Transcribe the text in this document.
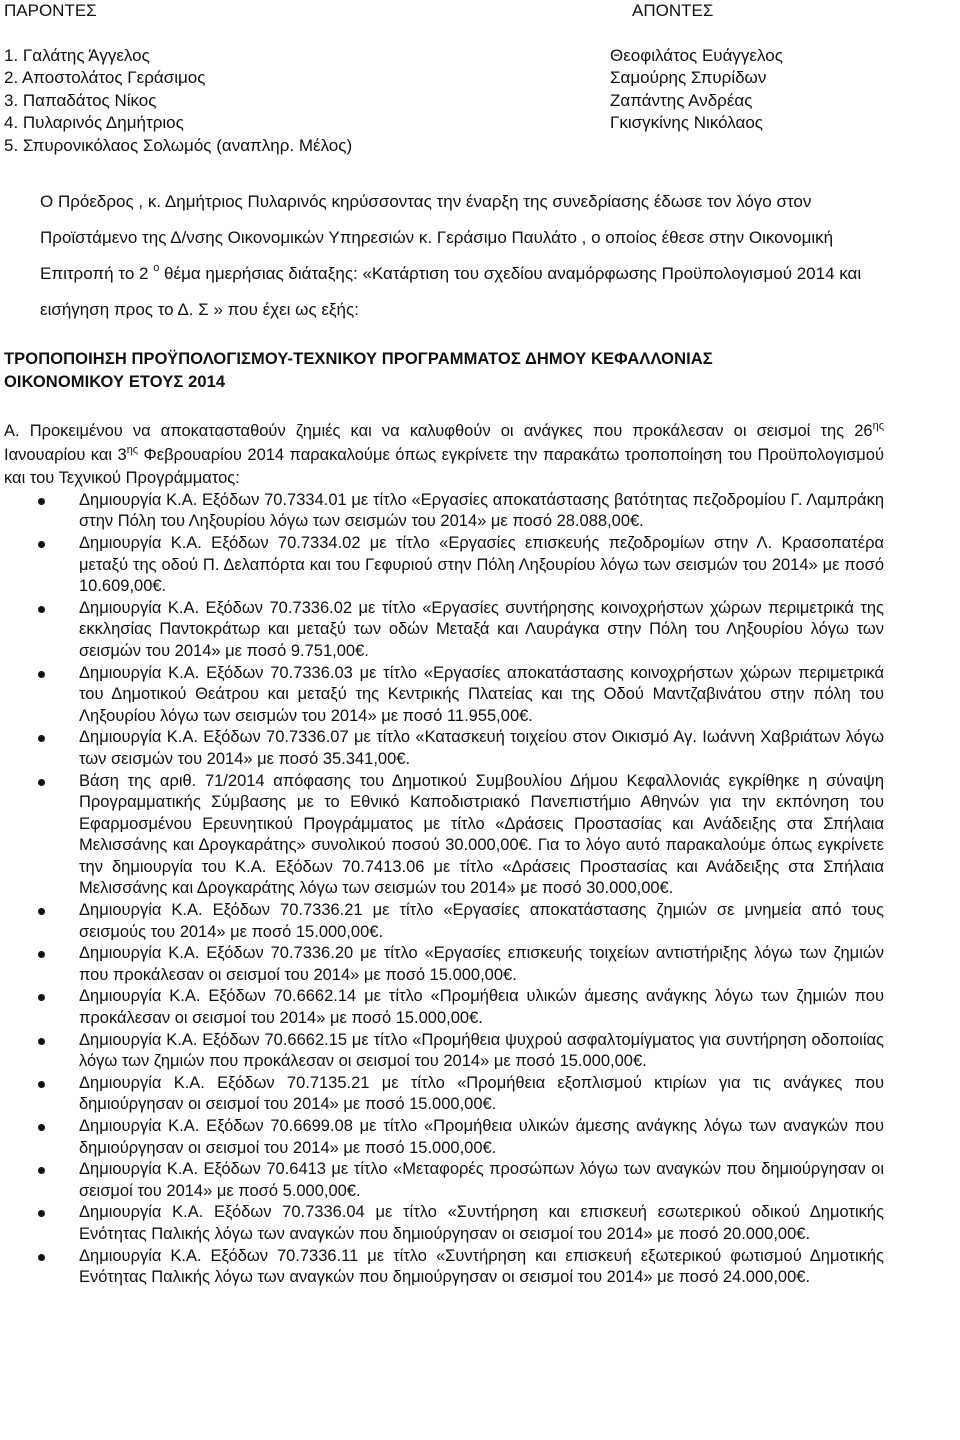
ΠΑΡΟΝΤΕΣ	ΑΠΟΝΤΕΣ
1. Γαλάτης Άγγελος	Θεοφιλάτος Ευάγγελος
2. Αποστολάτος Γεράσιμος	Σαμούρης Σπυρίδων
3. Παπαδάτος Νίκος	Ζαπάντης Ανδρέας
4. Πυλαρινός Δημήτριος	Γκισγκίνης Νικόλαος
5. Σπυρονικόλαος Σολωμός (αναπληρ. Μέλος)
Ο Πρόεδρος , κ. Δημήτριος Πυλαρινός κηρύσσοντας την έναρξη της συνεδρίασης έδωσε τον λόγο στον
Προϊστάμενο της Δ/νσης Οικονομικών Υπηρεσιών κ. Γεράσιμο Παυλάτο , ο οποίος έθεσε στην Οικονομική
Επιτροπή το 2 $^o$ θέμα ημερήσιας διάταξης: «Κατάρτιση του σχεδίου αναμόρφωσης Προϋπολογισμού 2014 και
εισήγηση προς το Δ. Σ » που έχει ως εξής:
ΤΡΟΠΟΠΟΙΗΣΗ ΠΡΟΫΠΟΛΟΓΙΣΜΟΥ-ΤΕΧΝΙΚΟΥ ΠΡΟΓΡΑΜΜΑΤΟΣ ΔΗΜΟΥ ΚΕΦΑΛΛΟΝΙΑΣ
ΟΙΚΟΝΟΜΙΚΟΥ ΕΤΟΥΣ 2014
Α. Προκειμένου να αποκατασταθούν ζημιές και να καλυφθούν οι ανάγκες που προκάλεσαν οι σεισμοί της $26^{\eta\varsigma}$ Ιανουαρίου και $3^{\eta\varsigma}$ Φεβρουαρίου 2014 παρακαλούμε όπως εγκρίνετε την παρακάτω τροποποίηση του Προϋπολογισμού και του Τεχνικού Προγράμματος:
Δημιουργία Κ.Α. Εξόδων 70.7334.01 με τίτλο «Εργασίες αποκατάστασης βατότητας πεζοδρομίου Γ. Λαμπράκη στην Πόλη του Ληξουρίου λόγω των σεισμών του 2014» με ποσό 28.088,00€.
Δημιουργία Κ.Α. Εξόδων 70.7334.02 με τίτλο «Εργασίες επισκευής πεζοδρομίων στην Λ. Κρασοπατέρα μεταξύ της οδού Π. Δελαπόρτα και του Γεφυριού στην Πόλη Ληξουρίου λόγω των σεισμών του 2014» με ποσό 10.609,00€.
Δημιουργία Κ.Α. Εξόδων 70.7336.02 με τίτλο «Εργασίες συντήρησης κοινοχρήστων χώρων περιμετρικά της εκκλησίας Παντοκράτωρ και μεταξύ των οδών Μεταξά και Λαυράγκα στην Πόλη του Ληξουρίου λόγω των σεισμών του 2014» με ποσό 9.751,00€.
Δημιουργία Κ.Α. Εξόδων 70.7336.03 με τίτλο «Εργασίες αποκατάστασης κοινοχρήστων χώρων περιμετρικά του Δημοτικού Θεάτρου και μεταξύ της Κεντρικής Πλατείας και της Οδού Μαντζαβινάτου στην πόλη του Ληξουρίου λόγω των σεισμών του 2014» με ποσό 11.955,00€.
Δημιουργία Κ.Α. Εξόδων 70.7336.07 με τίτλο «Κατασκευή τοιχείου στον Οικισμό Αγ. Ιωάννη Χαβριάτων λόγω των σεισμών του 2014» με ποσό 35.341,00€.
Βάση της αριθ. 71/2014 απόφασης του Δημοτικού Συμβουλίου Δήμου Κεφαλλονιάς εγκρίθηκε η σύναψη Προγραμματικής Σύμβασης με το Εθνικό Καποδιστριακό Πανεπιστήμιο Αθηνών για την εκπόνηση του Εφαρμοσμένου Ερευνητικού Προγράμματος με τίτλο «Δράσεις Προστασίας και Ανάδειξης στα Σπήλαια Μελισσάνης και Δρογκαράτης» συνολικού ποσού 30.000,00€. Για το λόγο αυτό παρακαλούμε όπως εγκρίνετε την δημιουργία του Κ.Α. Εξόδων 70.7413.06 με τίτλο «Δράσεις Προστασίας και Ανάδειξης στα Σπήλαια Μελισσάνης και Δρογκαράτης λόγω των σεισμών του 2014» με ποσό 30.000,00€.
Δημιουργία Κ.Α. Εξόδων 70.7336.21 με τίτλο «Εργασίες αποκατάστασης ζημιών σε μνημεία από τους σεισμούς του 2014» με ποσό 15.000,00€.
Δημιουργία Κ.Α. Εξόδων 70.7336.20 με τίτλο «Εργασίες επισκευής τοιχείων αντιστήριξης λόγω των ζημιών που προκάλεσαν οι σεισμοί του 2014» με ποσό 15.000,00€.
Δημιουργία Κ.Α. Εξόδων 70.6662.14 με τίτλο «Προμήθεια υλικών άμεσης ανάγκης λόγω των ζημιών που προκάλεσαν οι σεισμοί του 2014» με ποσό 15.000,00€.
Δημιουργία Κ.Α. Εξόδων 70.6662.15 με τίτλο «Προμήθεια ψυχρού ασφαλτομίγματος για συντήρηση οδοποιίας λόγω των ζημιών που προκάλεσαν οι σεισμοί του 2014» με ποσό 15.000,00€.
Δημιουργία Κ.Α. Εξόδων 70.7135.21 με τίτλο «Προμήθεια εξοπλισμού κτιρίων για τις ανάγκες που δημιούργησαν οι σεισμοί του 2014» με ποσό 15.000,00€.
Δημιουργία Κ.Α. Εξόδων 70.6699.08 με τίτλο «Προμήθεια υλικών άμεσης ανάγκης λόγω των αναγκών που δημιούργησαν οι σεισμοί του 2014» με ποσό 15.000,00€.
Δημιουργία Κ.Α. Εξόδων 70.6413 με τίτλο «Μεταφορές προσώπων λόγω των αναγκών που δημιούργησαν οι σεισμοί του 2014» με ποσό 5.000,00€.
Δημιουργία Κ.Α. Εξόδων 70.7336.04 με τίτλο «Συντήρηση και επισκευή εσωτερικού οδικού Δημοτικής Ενότητας Παλικής λόγω των αναγκών που δημιούργησαν οι σεισμοί του 2014» με ποσό 20.000,00€.
Δημιουργία Κ.Α. Εξόδων 70.7336.11 με τίτλο «Συντήρηση και επισκευή εξωτερικού φωτισμού Δημοτικής Ενότητας Παλικής λόγω των αναγκών που δημιούργησαν οι σεισμοί του 2014» με ποσό 24.000,00€.
